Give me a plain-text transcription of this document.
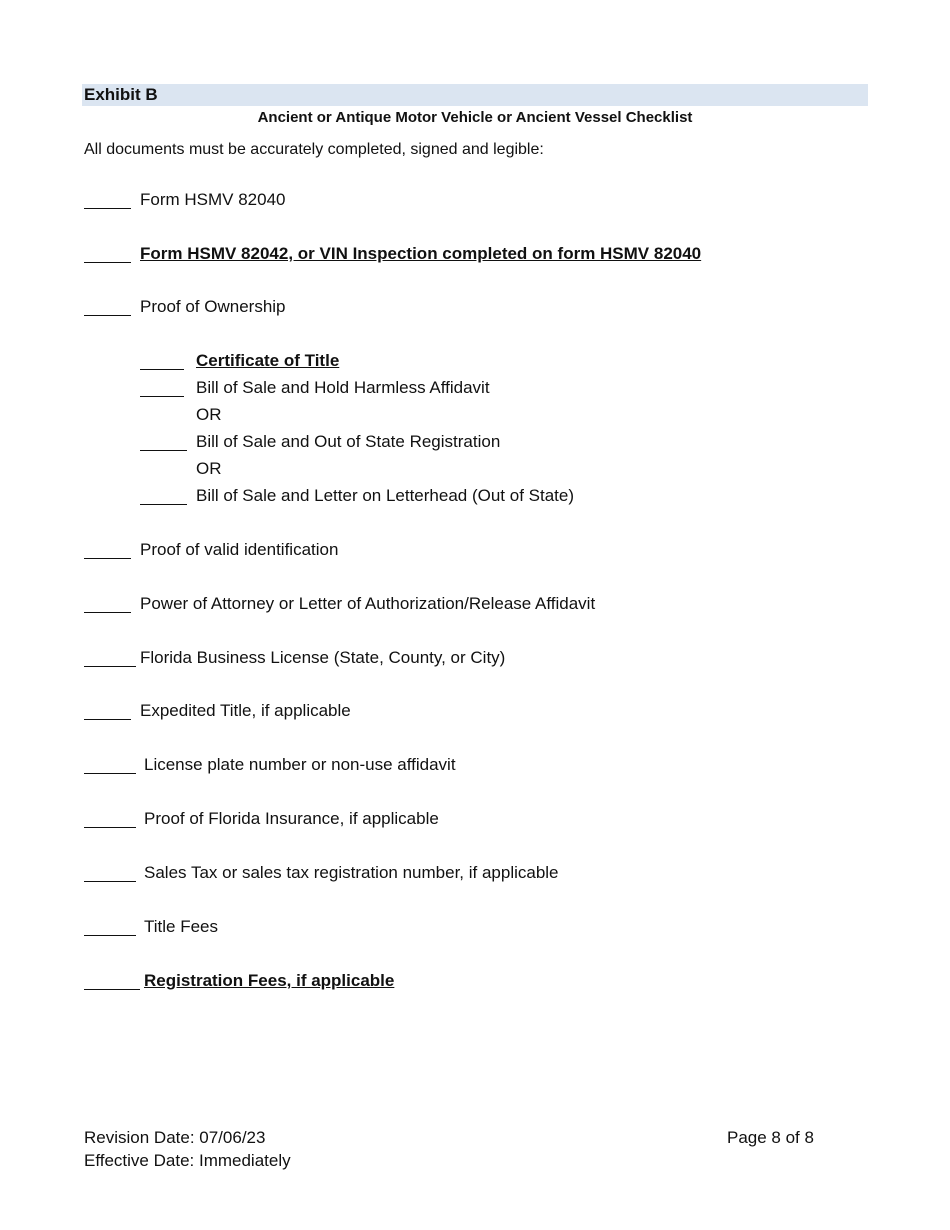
Exhibit B
Ancient or Antique Motor Vehicle or Ancient Vessel Checklist
All documents must be accurately completed, signed and legible:
Form HSMV 82040
Form HSMV 82042, or VIN Inspection completed on form HSMV 82040
Proof of Ownership
Certificate of Title
Bill of Sale and Hold Harmless Affidavit
OR
Bill of Sale and Out of State Registration
OR
Bill of Sale and Letter on Letterhead (Out of State)
Proof of valid identification
Power of Attorney or Letter of Authorization/Release Affidavit
Florida Business License (State, County, or City)
Expedited Title, if applicable
License plate number or non-use affidavit
Proof of Florida Insurance, if applicable
Sales Tax or sales tax registration number, if applicable
Title Fees
Registration Fees, if applicable
Revision Date: 07/06/23
Effective Date: Immediately
Page 8 of 8
